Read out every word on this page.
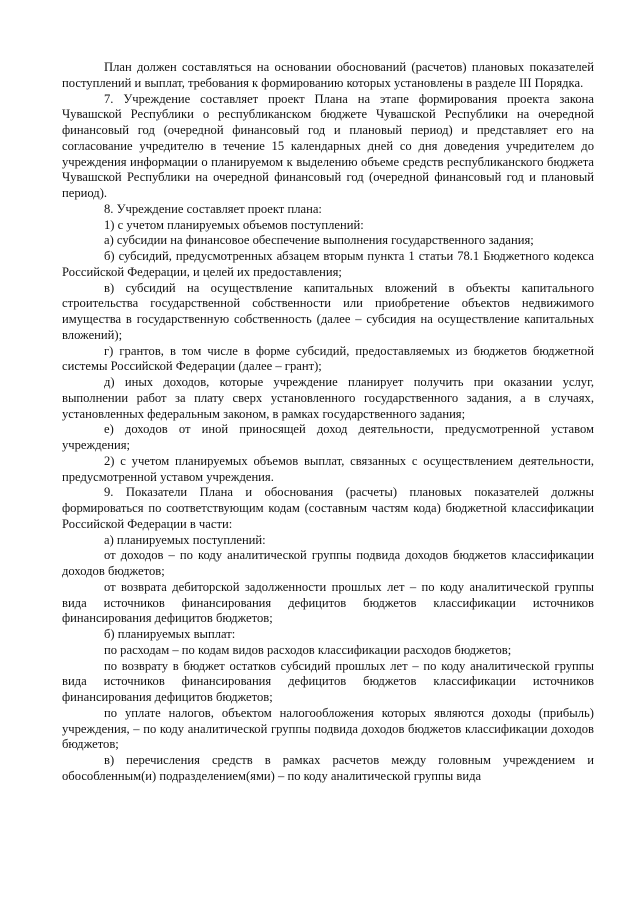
План должен составляться на основании обоснований (расчетов) плановых показателей поступлений и выплат, требования к формированию которых установлены в разделе III Порядка.

7. Учреждение составляет проект Плана на этапе формирования проекта закона Чувашской Республики о республиканском бюджете Чувашской Республики на очередной финансовый год (очередной финансовый год и плановый период) и представляет его на согласование учредителю в течение 15 календарных дней со дня доведения учредителем до учреждения информации о планируемом к выделению объеме средств республиканского бюджета Чувашской Республики на очередной финансовый год (очередной финансовый год и плановый период).

8. Учреждение составляет проект плана:

1) с учетом планируемых объемов поступлений:

а) субсидии на финансовое обеспечение выполнения государственного задания;

б) субсидий, предусмотренных абзацем вторым пункта 1 статьи 78.1 Бюджетного кодекса Российской Федерации, и целей их предоставления;

в) субсидий на осуществление капитальных вложений в объекты капитального строительства государственной собственности или приобретение объектов недвижимого имущества в государственную собственность (далее – субсидия на осуществление капитальных вложений);

г) грантов, в том числе в форме субсидий, предоставляемых из бюджетов бюджетной системы Российской Федерации (далее – грант);

д) иных доходов, которые учреждение планирует получить при оказании услуг, выполнении работ за плату сверх установленного государственного задания, а в случаях, установленных федеральным законом, в рамках государственного задания;

е) доходов от иной приносящей доход деятельности, предусмотренной уставом учреждения;

2) с учетом планируемых объемов выплат, связанных с осуществлением деятельности, предусмотренной уставом учреждения.

9. Показатели Плана и обоснования (расчеты) плановых показателей должны формироваться по соответствующим кодам (составным частям кода) бюджетной классификации Российской Федерации в части:

а) планируемых поступлений:

от доходов – по коду аналитической группы подвида доходов бюджетов классификации доходов бюджетов;

от возврата дебиторской задолженности прошлых лет – по коду аналитической группы вида источников финансирования дефицитов бюджетов классификации источников финансирования дефицитов бюджетов;

б) планируемых выплат:

по расходам – по кодам видов расходов классификации расходов бюджетов;

по возврату в бюджет остатков субсидий прошлых лет – по коду аналитической группы вида источников финансирования дефицитов бюджетов классификации источников финансирования дефицитов бюджетов;

по уплате налогов, объектом налогообложения которых являются доходы (прибыль) учреждения, – по коду аналитической группы подвида доходов бюджетов классификации доходов бюджетов;

в) перечисления средств в рамках расчетов между головным учреждением и обособленным(и) подразделением(ями) – по коду аналитической группы вида
